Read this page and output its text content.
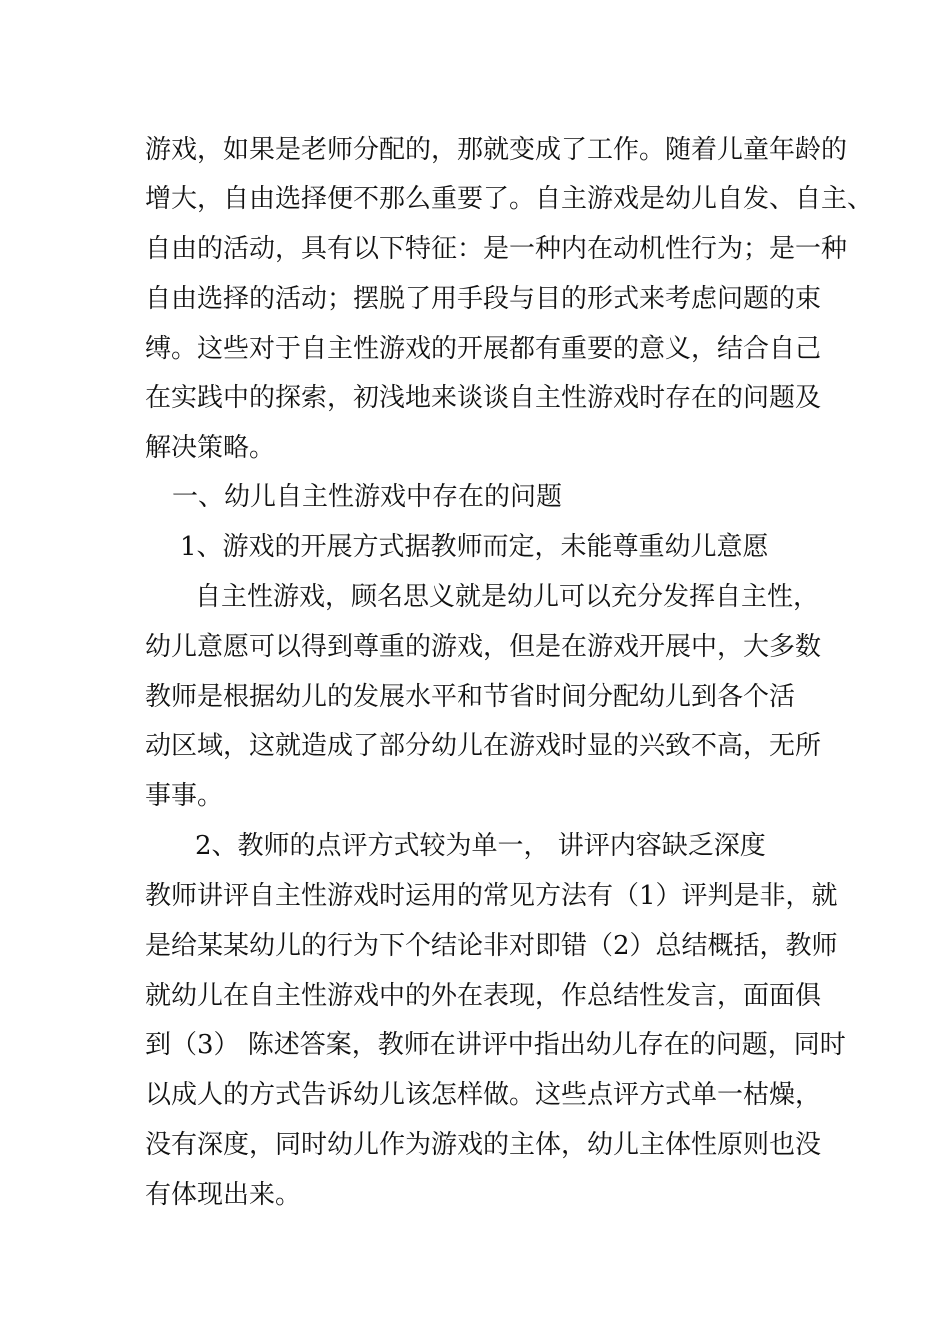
游戏，如果是老师分配的，那就变成了工作。随着儿童年龄的
增大，自由选择便不那么重要了。自主游戏是幼儿自发、自主、
自由的活动，具有以下特征：是一种内在动机性行为；是一种
自由选择的活动；摆脱了用手段与目的形式来考虑问题的束
缚。这些对于自主性游戏的开展都有重要的意义，结合自己
在实践中的探索，初浅地来谈谈自主性游戏时存在的问题及
解决策略。
一、幼儿自主性游戏中存在的问题
1、游戏的开展方式据教师而定，未能尊重幼儿意愿
自主性游戏，顾名思义就是幼儿可以充分发挥自主性，
幼儿意愿可以得到尊重的游戏，但是在游戏开展中，大多数
教师是根据幼儿的发展水平和节省时间分配幼儿到各个活
动区域，这就造成了部分幼儿在游戏时显的兴致不高，无所
事事。
2、教师的点评方式较为单一， 讲评内容缺乏深度
教师讲评自主性游戏时运用的常见方法有（1）评判是非，就
是给某某幼儿的行为下个结论非对即错（2）总结概括，教师
就幼儿在自主性游戏中的外在表现，作总结性发言，面面俱
到（3） 陈述答案，教师在讲评中指出幼儿存在的问题，同时
以成人的方式告诉幼儿该怎样做。这些点评方式单一枯燥，
没有深度，同时幼儿作为游戏的主体，幼儿主体性原则也没
有体现出来。
